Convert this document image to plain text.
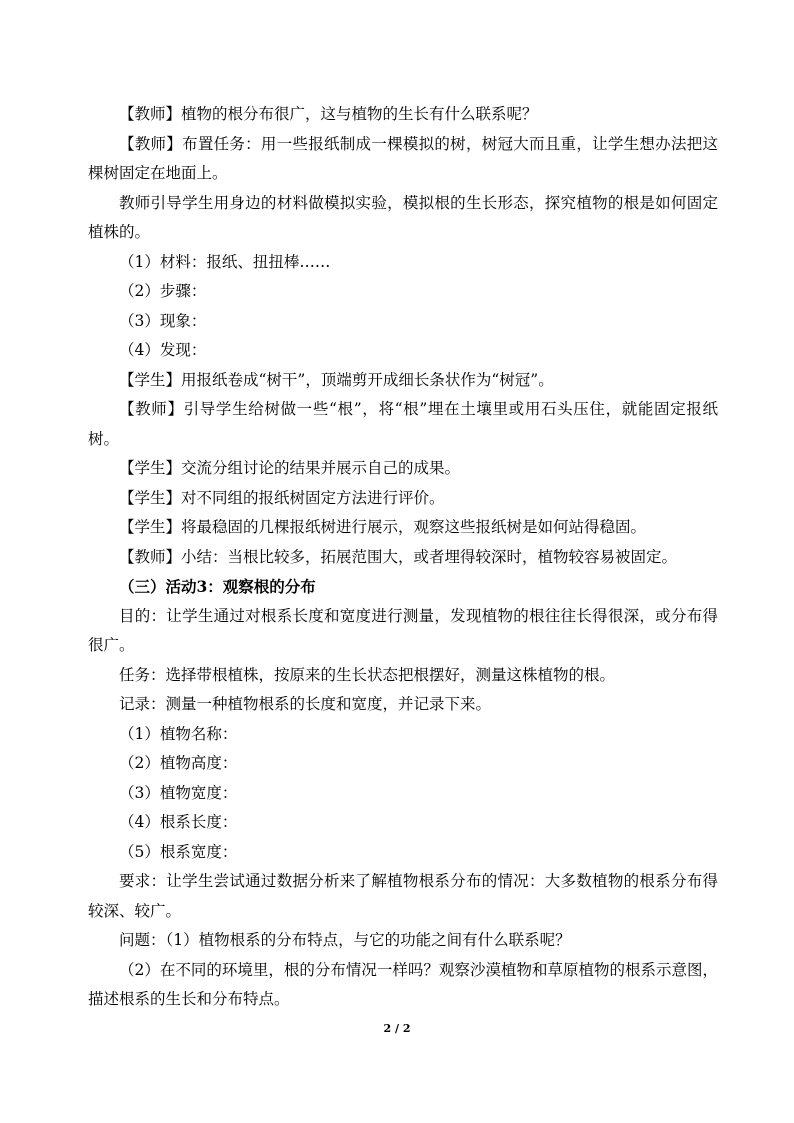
【教师】植物的根分布很广，这与植物的生长有什么联系呢？

【教师】布置任务：用一些报纸制成一棵模拟的树，树冠大而且重，让学生想办法把这棵树固定在地面上。

教师引导学生用身边的材料做模拟实验，模拟根的生长形态，探究植物的根是如何固定植株的。

（1）材料：报纸、扭扭棒……

（2）步骤：

（3）现象：

（4）发现：

【学生】用报纸卷成“树干”，顶端剪开成细长条状作为“树冠”。

【教师】引导学生给树做一些“根”，将“根”埋在土壤里或用石头压住，就能固定报纸树。

【学生】交流分组讨论的结果并展示自己的成果。

【学生】对不同组的报纸树固定方法进行评价。

【学生】将最稳固的几棵报纸树进行展示，观察这些报纸树是如何站得稳固。

【教师】小结：当根比较多，拓展范围大，或者埋得较深时，植物较容易被固定。

（三）活动3：观察根的分布

目的：让学生通过对根系长度和宽度进行测量，发现植物的根往往长得很深，或分布得很广。

任务：选择带根植株，按原来的生长状态把根摆好，测量这株植物的根。

记录：测量一种植物根系的长度和宽度，并记录下来。

（1）植物名称：

（2）植物高度：

（3）植物宽度：

（4）根系长度：

（5）根系宽度：

要求：让学生尝试通过数据分析来了解植物根系分布的情况：大多数植物的根系分布得较深、较广。

问题：（1）植物根系的分布特点，与它的功能之间有什么联系呢？

（2）在不同的环境里，根的分布情况一样吗？观察沙漠植物和草原植物的根系示意图，描述根系的生长和分布特点。

2 / 2
